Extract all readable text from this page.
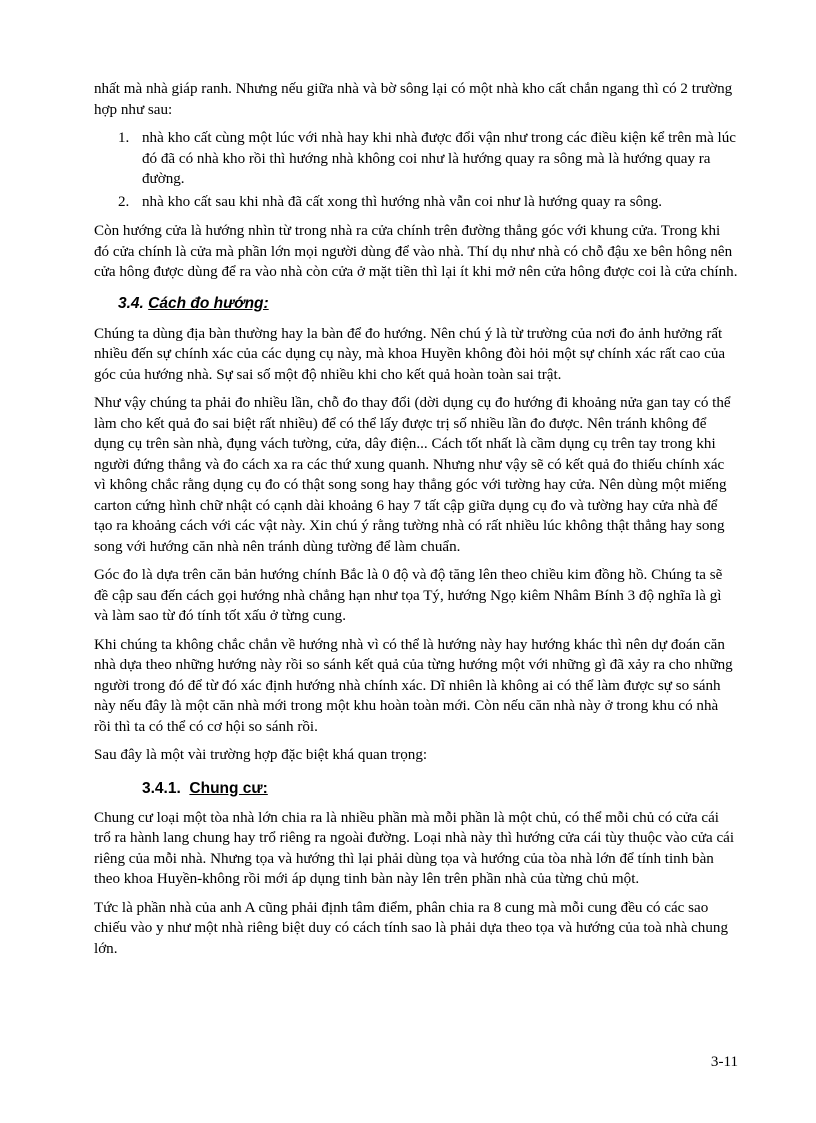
nhất mà nhà giáp ranh. Nhưng nếu giữa nhà và bờ sông lại có một nhà kho cất chắn ngang thì có 2 trường hợp như sau:

1. nhà kho cất cùng một lúc với nhà hay khi nhà được đổi vận như trong các điều kiện kể trên mà lúc đó đã có nhà kho rồi thì hướng nhà không coi như là hướng quay ra sông mà là hướng quay ra đường.
2. nhà kho cất sau khi nhà đã cất xong thì hướng nhà vẫn coi như là hướng quay ra sông.

Còn hướng cửa là hướng nhìn từ trong nhà ra cửa chính trên đường thẳng góc với khung cửa. Trong khi đó cửa chính là cửa mà phần lớn mọi người dùng để vào nhà. Thí dụ như nhà có chỗ đậu xe bên hông nên cửa hông được dùng để ra vào nhà còn cửa ở mặt tiền thì lại ít khi mở nên cửa hông được coi là cửa chính.

3.4. Cách đo hướng:

Chúng ta dùng địa bàn thường hay la bàn để đo hướng. Nên chú ý là từ trường của nơi đo ảnh hưởng rất nhiều đến sự chính xác của các dụng cụ này, mà khoa Huyền không đòi hỏi một sự chính xác rất cao của góc của hướng nhà. Sự sai số một độ nhiều khi cho kết quả hoàn toàn sai trật.

Như vậy chúng ta phải đo nhiều lần, chỗ đo thay đổi (dời dụng cụ đo hướng đi khoảng nửa gan tay có thể làm cho kết quả đo sai biệt rất nhiều) để có thể lấy được trị số nhiều lần đo được. Nên tránh không để dụng cụ trên sàn nhà, đụng vách tường, cửa, dây điện... Cách tốt nhất là cầm dụng cụ trên tay trong khi người đứng thẳng và đo cách xa ra các thứ xung quanh. Nhưng như vậy sẽ có kết quả đo thiếu chính xác vì không chắc rằng dụng cụ đo có thật song song hay thẳng góc với tường hay cửa. Nên dùng một miếng carton cứng hình chữ nhật có cạnh dài khoảng 6 hay 7 tất cập giữa dụng cụ đo và tường hay cửa nhà để tạo ra khoảng cách với các vật này. Xin chú ý rằng tường nhà có rất nhiều lúc không thật thẳng hay song song với hướng căn nhà nên tránh dùng tường để làm chuẩn.

Góc đo là dựa trên căn bản hướng chính Bắc là 0 độ và độ tăng lên theo chiều kim đồng hồ. Chúng ta sẽ đề cập sau đến cách gọi hướng nhà chẳng hạn như tọa Tý, hướng Ngọ kiêm Nhâm Bính 3 độ nghĩa là gì và làm sao từ đó tính tốt xấu ở từng cung.

Khi chúng ta không chắc chắn về hướng nhà vì có thể là hướng này hay hướng khác thì nên dự đoán căn nhà dựa theo những hướng này rồi so sánh kết quả của từng hướng một với những gì đã xảy ra cho những người trong đó để từ đó xác định hướng nhà chính xác. Dĩ nhiên là không ai có thể làm được sự so sánh này nếu đây là một căn nhà mới trong một khu hoàn toàn mới. Còn nếu căn nhà này ở trong khu có nhà rồi thì ta có thể có cơ hội so sánh rồi.

Sau đây là một vài trường hợp đặc biệt khá quan trọng:

3.4.1. Chung cư:

Chung cư loại một tòa nhà lớn chia ra là nhiều phần mà mỗi phần là một chủ, có thể mỗi chủ có cửa cái trổ ra hành lang chung hay trổ riêng ra ngoài đường. Loại nhà này thì hướng cửa cái tùy thuộc vào cửa cái riêng của mỗi nhà. Nhưng tọa và hướng thì lại phải dùng tọa và hướng của tòa nhà lớn để tính tinh bàn theo khoa Huyền-không rồi mới áp dụng tinh bàn này lên trên phần nhà của từng chủ một.

Tức là phần nhà của anh A cũng phải định tâm điểm, phân chia ra 8 cung mà mỗi cung đều có các sao chiếu vào y như một nhà riêng biệt duy có cách tính sao là phải dựa theo tọa và hướng của toà nhà chung lớn.

3-11
